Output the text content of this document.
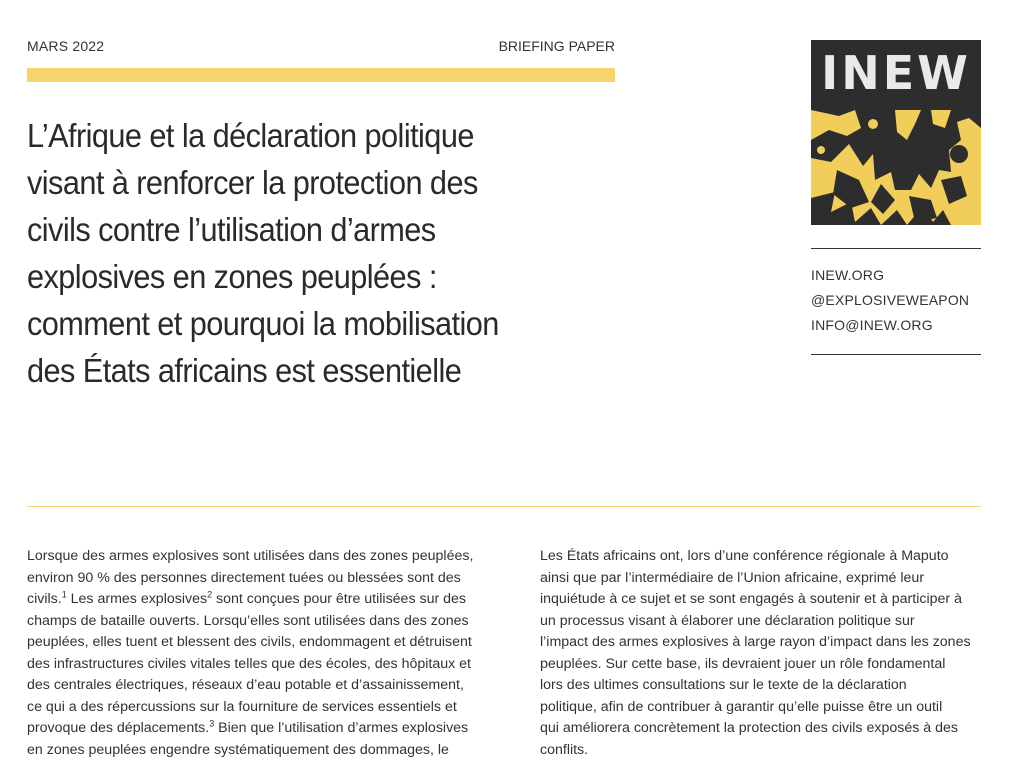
MARS 2022	BRIEFING PAPER
L’Afrique et la déclaration politique
visant à renforcer la protection des
civils contre l’utilisation d’armes
explosives en zones peuplées :
comment et pourquoi la mobilisation
des États africains est essentielle
INEW
INEW.ORG
@EXPLOSIVEWEAPON
INFO@INEW.ORG
Lorsque des armes explosives sont utilisées dans des zones peuplées,
environ 90 % des personnes directement tuées ou blessées sont des
civils.$^1$ Les armes explosives$^2$ sont conçues pour être utilisées sur des
champs de bataille ouverts. Lorsqu’elles sont utilisées dans des zones
peuplées, elles tuent et blessent des civils, endommagent et détruisent
des infrastructures civiles vitales telles que des écoles, des hôpitaux et
des centrales électriques, réseaux d’eau potable et d’assainissement,
ce qui a des répercussions sur la fourniture de services essentiels et
provoque des déplacements.$^3$ Bien que l’utilisation d’armes explosives
en zones peuplées engendre systématiquement des dommages, le
Les États africains ont, lors d’une conférence régionale à Maputo
ainsi que par l’intermédiaire de l’Union africaine, exprimé leur
inquiétude à ce sujet et se sont engagés à soutenir et à participer à
un processus visant à élaborer une déclaration politique sur
l’impact des armes explosives à large rayon d’impact dans les zones
peuplées. Sur cette base, ils devraient jouer un rôle fondamental
lors des ultimes consultations sur le texte de la déclaration
politique, afin de contribuer à garantir qu’elle puisse être un outil
qui améliorera concrètement la protection des civils exposés à des
conflits.
